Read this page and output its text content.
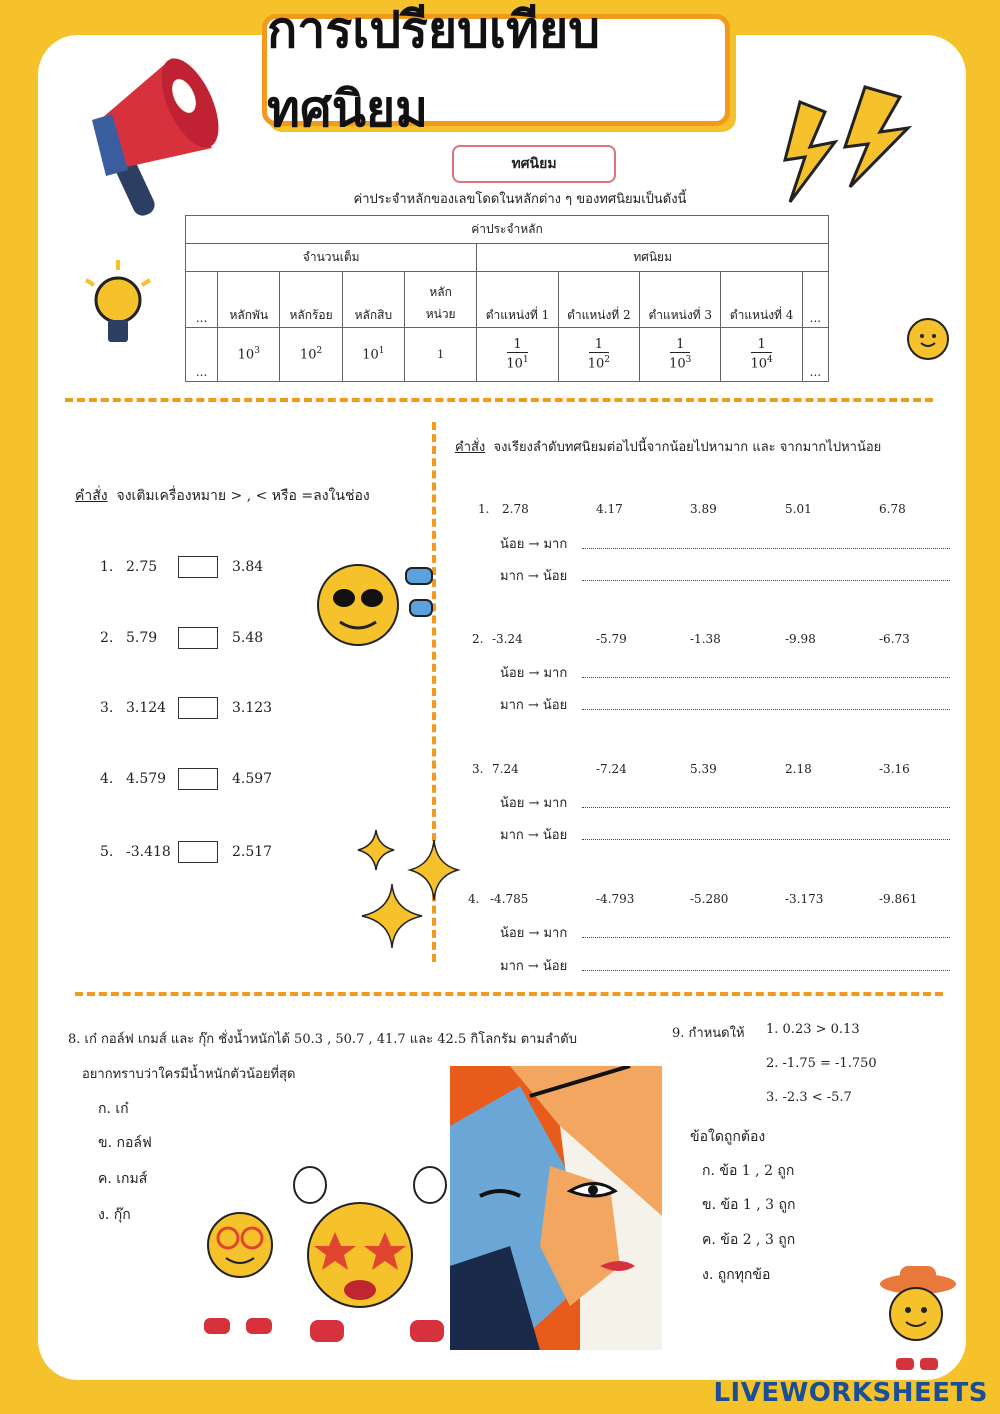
การเปรียบเทียบทศนิยม
ทศนิยม
ค่าประจำหลักของเลขโดดในหลักต่าง ๆ ของทศนิยมเป็นดังนี้
ค่าประจำหลัก									
จำนวนเต็ม					ทศนิยม				
...	หลักพัน	หลักร้อย	หลักสิบ	หลัก
หน่วย	ตำแหน่งที่ 1	ตำแหน่งที่ 2	ตำแหน่งที่ 3	ตำแหน่งที่ 4	...
...	$10^3$	$10^2$	$10^1$	1	$\frac{1}{10^1}$	$\frac{1}{10^2}$	$\frac{1}{10^3}$	$\frac{1}{10^4}$	...
คำสั่ง จงเติมเครื่องหมาย > , < หรือ =ลงในช่อง
1. 2.75	3.84
2. 5.79	5.48
3. 3.124	3.123
4. 4.579	4.597
5. -3.418	2.517
คำสั่ง จงเรียงลำดับทศนิยมต่อไปนี้จากน้อยไปหามาก และ จากมากไปหาน้อย
1. 2.78	4.17	3.89	5.01	6.78
น้อย → มาก
มาก → น้อย
2. -3.24	-5.79	-1.38	-9.98	-6.73
น้อย → มาก
มาก → น้อย
3. 7.24	-7.24	5.39	2.18	-3.16
น้อย → มาก
มาก → น้อย
4. -4.785	-4.793	-5.280	-3.173	-9.861
น้อย → มาก
มาก → น้อย
8. เก๋ กอล์ฟ เกมส์ และ กุ๊ก ชั่งน้ำหนักได้ 50.3 , 50.7 , 41.7 และ 42.5 กิโลกรัม ตามลำดับ
อยากทราบว่าใครมีน้ำหนักตัวน้อยที่สุด
ก. เก๋
ข. กอล์ฟ
ค. เกมส์
ง. กุ๊ก
9. กำหนดให้ 1. 0.23 > 0.13
2. -1.75 = -1.750
3. -2.3 < -5.7
ข้อใดถูกต้อง
ก. ข้อ 1 , 2 ถูก
ข. ข้อ 1 , 3 ถูก
ค. ข้อ 2 , 3 ถูก
ง. ถูกทุกข้อ
LIVEWORKSHEETS
